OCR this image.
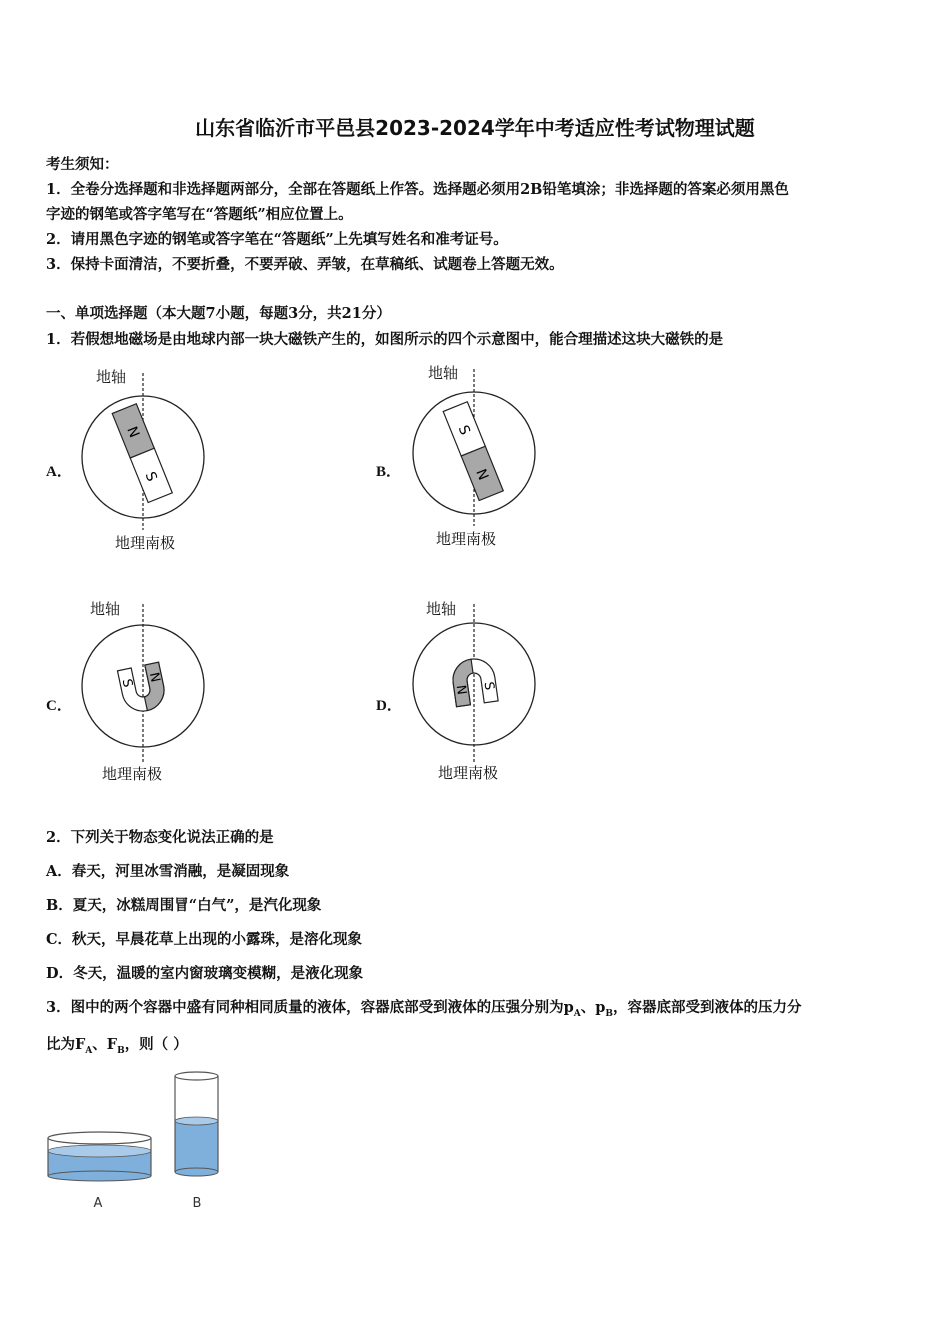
山东省临沂市平邑县2023-2024学年中考适应性考试物理试题
考生须知：
1．全卷分选择题和非选择题两部分，全部在答题纸上作答。选择题必须用2B铅笔填涂；非选择题的答案必须用黑色
字迹的钢笔或答字笔写在“答题纸”相应位置上。
2．请用黑色字迹的钢笔或答字笔在“答题纸”上先填写姓名和准考证号。
3．保持卡面清洁，不要折叠，不要弄破、弄皱，在草稿纸、试题卷上答题无效。
一、单项选择题（本大题7小题，每题3分，共21分）
1．若假想地磁场是由地球内部一块大磁铁产生的，如图所示的四个示意图中，能合理描述这块大磁铁的是
A．	B．
C．	D．
地轴
地理南极
N
S
地轴
地理南极
S
N
地轴
地理南极
S N
地轴
地理南极
N S
2．下列关于物态变化说法正确的是
A．春天，河里冰雪消融，是凝固现象
B．夏天，冰糕周围冒“白气”，是汽化现象
C．秋天，早晨花草上出现的小露珠，是溶化现象
D．冬天，温暖的室内窗玻璃变模糊，是液化现象
3．图中的两个容器中盛有同种相同质量的液体，容器底部受到液体的压强分别为$p_A$、$p_B$，容器底部受到液体的压力分
比为$F_A$、$F_B$，则（ ）
A	B
